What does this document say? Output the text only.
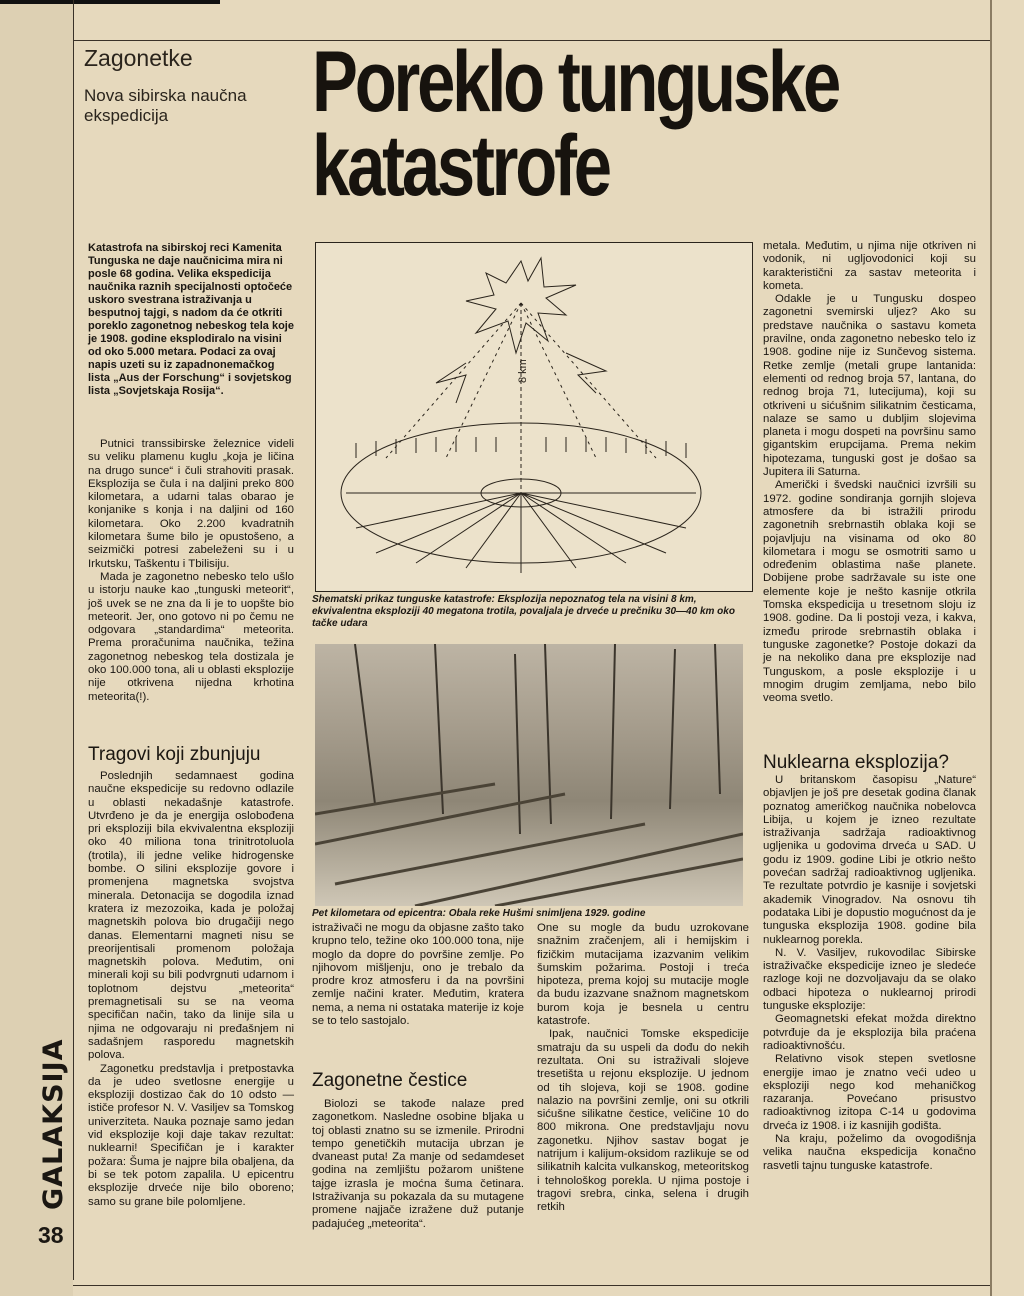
Zagonetke
Nova sibirska naučna ekspedicija	Poreklo tunguske
katastrofe
Katastrofa na sibirskoj reci Kamenita Tunguska ne daje naučnicima mira ni posle 68 godina. Velika ekspedicija naučnika raznih specijalnosti optočeće uskoro svestrana istraživanja u besputnoj tajgi, s nadom da će otkriti poreklo zagonetnog nebeskog tela koje je 1908. godine eksplodiralo na visini od oko 5.000 metara. Podaci za ovaj napis uzeti su iz zapadnonemačkog lista „Aus der Forschung“ i sovjetskog lista „Sovjetskaja Rosija“.

Putnici transsibirske železnice videli su veliku plamenu kuglu „koja je ličina na drugo sunce“ i čuli strahoviti prasak. Eksplozija se čula i na daljini preko 800 kilometara, a udarni talas obarao je konjanike s konja i na daljini od 160 kilometara. Oko 2.200 kvadratnih kilometara šume bilo je opustošeno, a seizmički potresi zabeleženi su i u Irkutsku, Taškentu i Tbilisiju.

Mada je zagonetno nebesko telo ušlo u istorju nauke kao „tunguski meteorit“, još uvek se ne zna da li je to uopšte bio meteorit. Jer, ono gotovo ni po čemu ne odgovara „standardima“ meteorita. Prema proračunima naučnika, težina zagonetnog nebeskog tela dostizala je oko 100.000 tona, ali u oblasti eksplozije nije otkrivena nijedna krhotina meteorita(!).

Tragovi koji zbunjuju

Poslednjih sedamnaest godina naučne ekspedicije su redovno odlazile u oblasti nekadašnje katastrofe. Utvrđeno je da je energija oslobođena pri eksploziji bila ekvivalentna eksploziji oko 40 miliona tona trinitrotoluola (trotila), ili jedne velike hidrogenske bombe. O silini eksplozije govore i promenjena magnetska svojstva minerala. Detonacija se dogodila iznad kratera iz mezozoika, kada je položaj magnetskih polova bio drugačiji nego danas. Elementarni magneti nisu se preorijentisali promenom položaja magnetskih polova. Međutim, oni minerali koji su bili podvrgnuti udarnom i toplotnom dejstvu „meteorita“ premagnetisali su se na veoma specifičan način, tako da linije sila u njima ne odgovaraju ni pređašnjem ni sadašnjem rasporedu magnetskih polova.

Zagonetku predstavlja i pretpostavka da je udeo svetlosne energije u eksploziji dostizao čak do 10 odsto — ističe profesor N. V. Vasiljev sa Tomskog univerziteta. Nauka poznaje samo jedan vid eksplozije koji daje takav rezultat: nuklearni! Specifičan je i karakter požara: Šuma je najpre bila obaljena, da bi se tek potom zapalila. U epicentru eksplozije drveće nije bilo oboreno; samo su grane bile polomljene.

8 km
Shematski prikaz tunguske katastrofe: Eksplozija nepoznatog tela na visini 8 km, ekvivalentna eksploziji 40 megatona trotila, povaljala je drveće u prečniku 30—40 km oko tačke udara
Pet kilometara od epicentra: Obala reke Hušmi snimljena 1929. godine

istraživači ne mogu da objasne zašto tako krupno telo, težine oko 100.000 tona, nije moglo da dopre do površine zemlje. Po njihovom mišljenju, ono je trebalo da prodre kroz atmosferu i da na površini zemlje načini krater. Međutim, kratera nema, a nema ni ostataka materije iz koje se to telo sastojalo.

Zagonetne čestice

Biolozi se takođe nalaze pred zagonetkom. Nasledne osobine bljaka u toj oblasti znatno su se izmenile. Prirodni tempo genetičkih mutacija ubrzan je dvaneast puta! Za manje od sedamdeset godina na zemljištu požarom uništene tajge izrasla je moćna šuma četinara. Istraživanja su pokazala da su mutagene promene najjače izražene duž putanje padajućeg „meteorita“.

One su mogle da budu uzrokovane snažnim zračenjem, ali i hemijskim i fizičkim mutacijama izazvanim velikim šumskim požarima. Postoji i treća hipoteza, prema kojoj su mutacije mogle da budu izazvane snažnom magnetskom burom koja je besnela u centru katastrofe.

Ipak, naučnici Tomske ekspedicije smatraju da su uspeli da dođu do nekih rezultata. Oni su istraživali slojeve tresetišta u rejonu eksplozije. U jednom od tih slojeva, koji se 1908. godine nalazio na površini zemlje, oni su otkrili sićušne silikatne čestice, veličine 10 do 800 mikrona. One predstavljaju novu zagonetku. Njihov sastav bogat je natrijum i kalijum-oksidom razlikuje se od silikatnih kalcita vulkanskog, meteoritskog i tehnološkog porekla. U njima postoje i tragovi srebra, cinka, selena i drugih retkih

metala. Međutim, u njima nije otkriven ni vodonik, ni ugljovodonici koji su karakteristični za sastav meteorita i kometa.

Odakle je u Tungusku dospeo zagonetni svemirski uljez? Ako su predstave naučnika o sastavu kometa pravilne, onda zagonetno nebesko telo iz 1908. godine nije iz Sunčevog sistema. Retke zemlje (metali grupe lantanida: elementi od rednog broja 57, lantana, do rednog broja 71, lutecijuma), koji su otkriveni u sićušnim silikatnim česticama, nalaze se samo u dubljim slojevima planeta i mogu dospeti na površinu samo gigantskim erupcijama. Prema nekim hipotezama, tunguski gost je došao sa Jupitera ili Saturna.

Američki i švedski naučnici izvršili su 1972. godine sondiranja gornjih slojeva atmosfere da bi istražili prirodu zagonetnih srebrnastih oblaka koji se pojavljuju na visinama od oko 80 kilometara i mogu se osmotriti samo u određenim oblastima naše planete. Dobijene probe sadržavale su iste one elemente koje je nešto kasnije otkrila Tomska ekspedicija u tresetnom sloju iz 1908. godine. Da li postoji veza, i kakva, između prirode srebrnastih oblaka i tunguske zagonetke? Postoje dokazi da je na nekoliko dana pre eksplozije nad Tunguskom, a posle eksplozije i u mnogim drugim zemljama, nebo bilo veoma svetlo.

Nuklearna eksplozija?

U britanskom časopisu „Nature“ objavljen je još pre desetak godina članak poznatog američkog naučnika nobelovca Libija, u kojem je izneo rezultate istraživanja sadržaja radioaktivnog ugljenika u godovima drveća u SAD. U godu iz 1909. godine Libi je otkrio nešto povećan sadržaj radioaktivnog ugljenika. Te rezultate potvrdio je kasnije i sovjetski akademik Vinogradov. Na osnovu tih podataka Libi je dopustio mogućnost da je tunguska eksplozija 1908. godine bila nuklearnog porekla.

N. V. Vasiljev, rukovodilac Sibirske istraživačke ekspedicije izneo je sledeće razloge koji ne dozvoljavaju da se olako odbaci hipoteza o nuklearnoj prirodi tunguske eksplozije:

Geomagnetski efekat možda direktno potvrđuje da je eksplozija bila praćena radioaktivnošću.

Relativno visok stepen svetlosne energije imao je znatno veći udeo u eksploziji nego kod mehaničkog razaranja. Povećano prisustvo radioaktivnog izitopa C-14 u godovima drveća iz 1908. i iz kasnijih godišta.

Na kraju, poželimo da ovogodišnja velika naučna ekspedicija konačno rasvetli tajnu tunguske katastrofe.

GALAKSIJA
38
